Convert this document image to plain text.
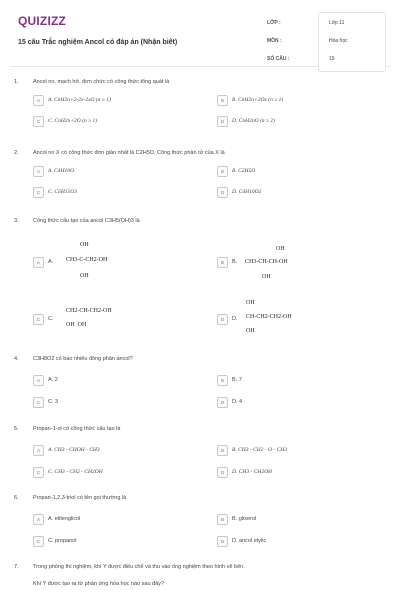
QUIZIZZ
15 câu Trắc nghiệm Ancol có đáp án (Nhận biết)
LỚP :	Lớp 11
MÔN :	Hóa học
SỐ CÂU :	15
1.	Ancol no, mạch hở, đơn chức có công thức tổng quát là
A	A. CnH2n+2-2x-2xO (n ≥ 1)	B	B. CnH2n+2Ox (n ≥ 1)
C	C. CnH2n+2O (n ≥ 1)	D	D. CnH2nO (n ≥ 2)
2.	Ancol no X có công thức đơn giản nhất là C2H5O. Công thức phân tử của X là
A	A. C4H10O	B	B. C2H5O
C	C. C6H15O3	D	D. C4H10O2
3.	Công thức cấu tạo của ancol C3H5(OH)3 là
A	A.
OH
CH3-C-CH2-OH
OH
B	B.
OH
CH3-CH-CH-OH
OH
C	C.
CH2-CH-CH2-OH
OH  OH
D	D.
OH
CH-CH2-CH2-OH
OH
4.	C3H8O2 có bao nhiêu đồng phân ancol?
A	A. 2	B	B. 7
C	C. 3	D	D. 4
5.	Propan-1-ol có công thức cấu tạo là
A	A. CH3 - CHOH - CH3	B	B. CH3 - CH2 - O - CH3
C	C. CH3 - CH2 - CH2OH	D	D. CH3 - CH2OH
6.	Propan-1,2,3-triol có tên gọi thường là
A	A. etilenglicol	B	B. glixerol
C	C. propanol	D	D. ancol etylic
7.	Trong phòng thí nghiệm, khí Y được điều chế và thu vào ống nghiệm theo hình vẽ bên.
Khí Y được tạo ra từ phản ứng hóa học nào sau đây?
